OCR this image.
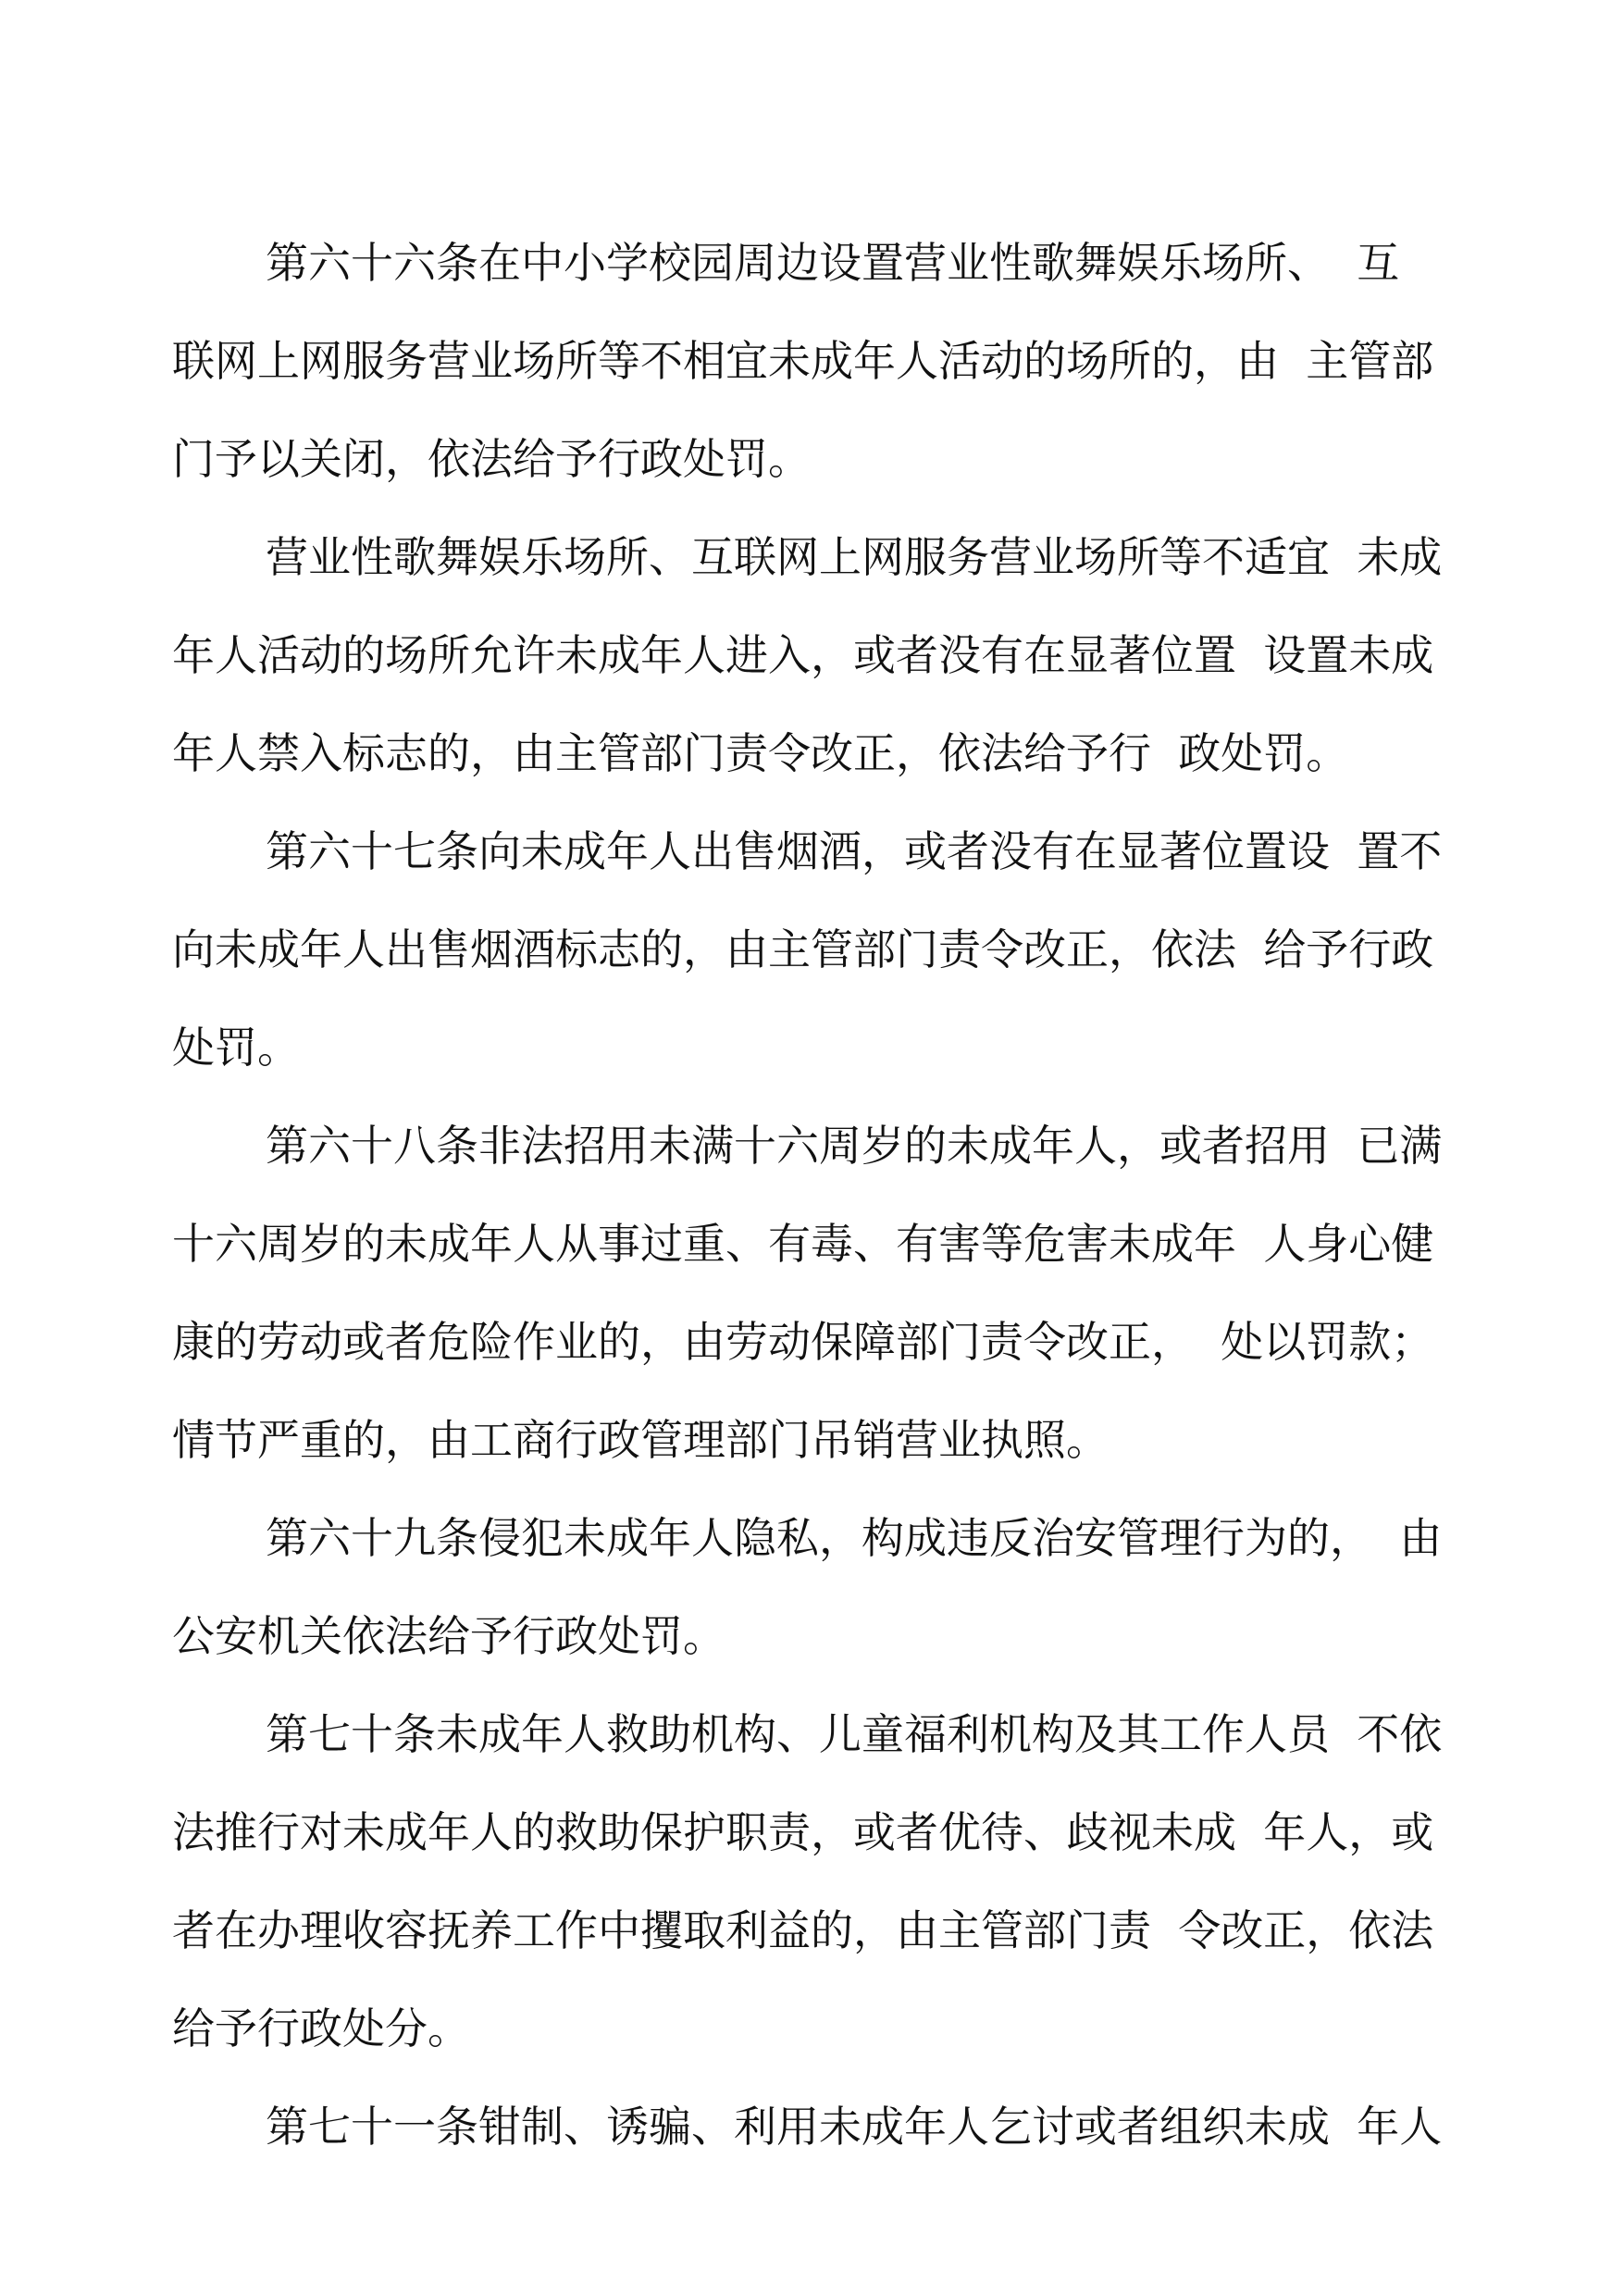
第六十六条在中小学校园周边设置营业性歌舞娱乐场所、  互
联网上网服务营业场所等不相宜未成年人活动的场所的，由  主管部
门予以关闭，依法给予行政处罚。
营业性歌舞娱乐场所、互联网上网服务营业场所等不适宜  未成
年人活动的场所允许未成年人进入，或者没有在显著位置  设置未成
年人禁入标志的，由主管部门责令改正，依法给予行  政处罚。
第六十七条向未成年人出售烟酒，或者没有在显著位置设  置不
向未成年人出售烟酒标志的，由主管部门责令改正，依法  给予行政
处罚。
第六十八条非法招用未满十六周岁的未成年人，或者招用  已满
十六周岁的未成年人从事过重、有毒、有害等危害未成年  人身心健
康的劳动或者危险作业的，由劳动保障部门责令改正，  处以罚款；
情节严重的，由工商行政管理部门吊销营业执照。
第六十九条侵犯未成年人隐私，构成违反治安管理行为的，  由
公安机关依法给予行政处罚。
第七十条未成年人救助机构、儿童福利机构及其工作人员  不依
法推行对未成年人的救助保护职责，或者优待、歧视未成  年人，或
者在办理收容抚养工作中攫取利益的，由主管部门责  令改正，依法
给予行政处分。
第七十一条钳制、诱骗、利用未成年人乞讨或者组织未成  年人
